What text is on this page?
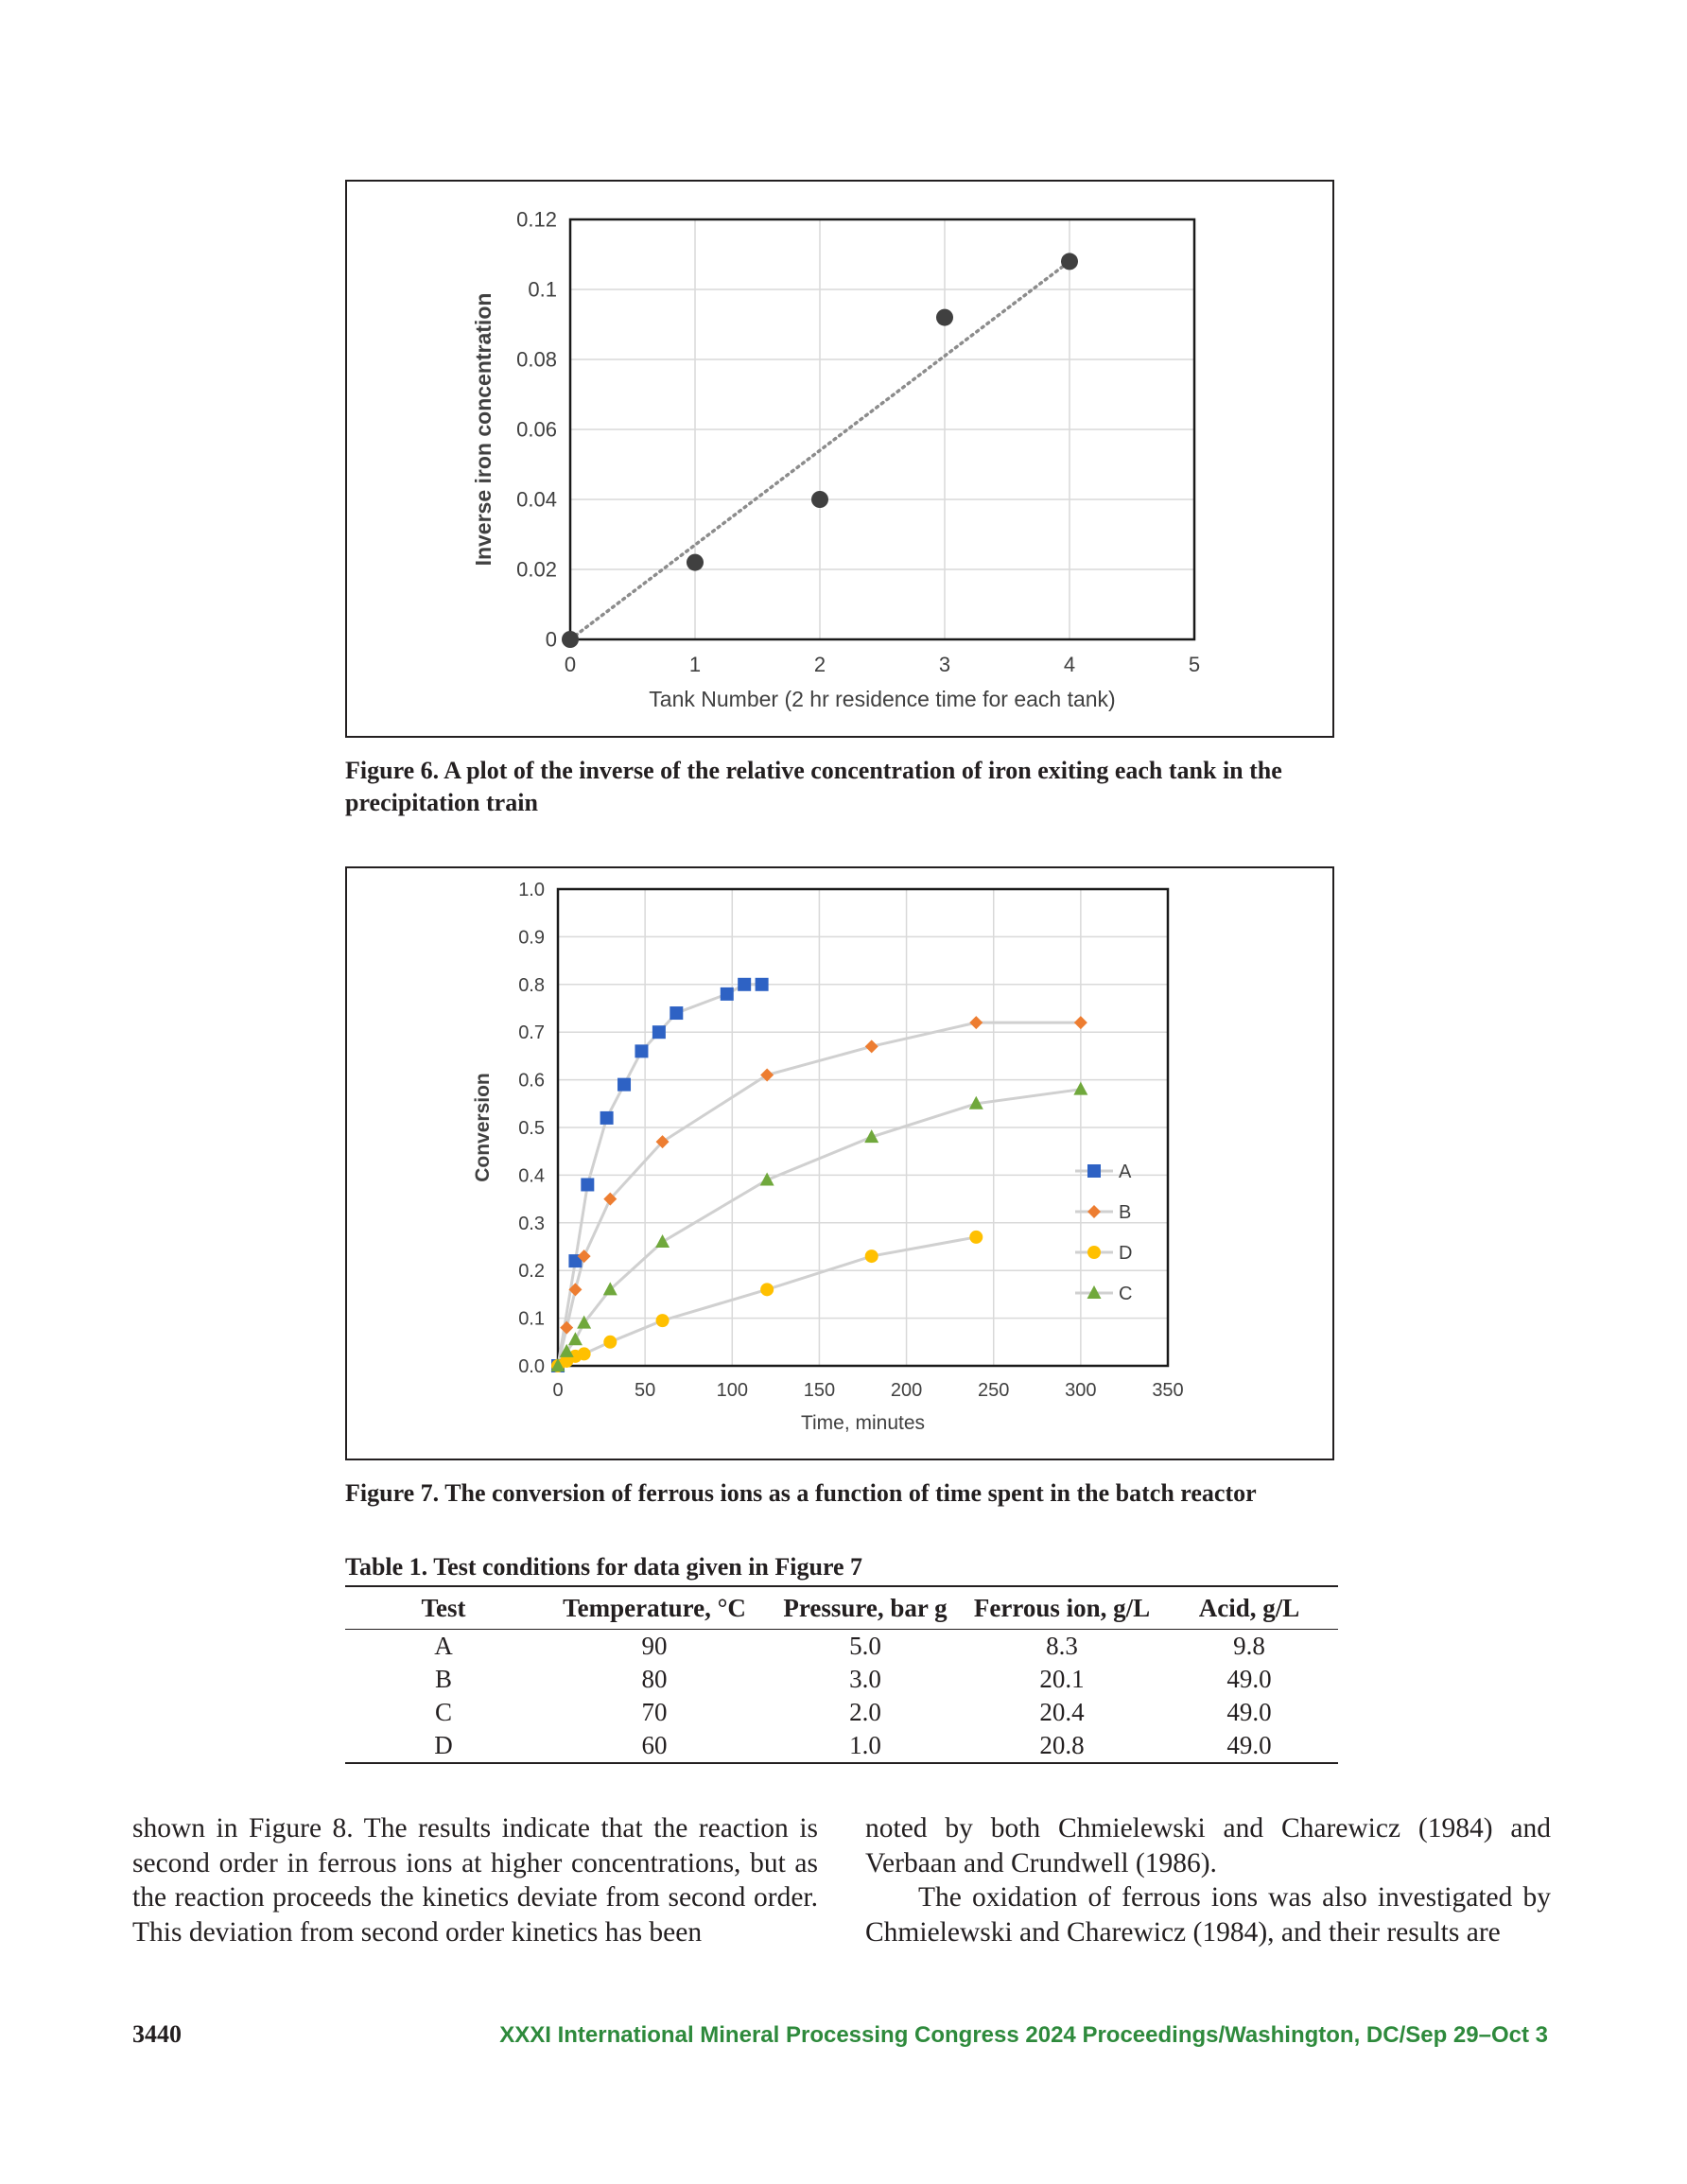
0	1	2	3	4	5
0
0.02
0.04
0.06
0.08
0.1
0.12
Tank Number (2 hr residence time for each tank)
Inverse iron concentration

Figure 6. A plot of the inverse of the relative concentration of iron exiting each tank in the precipitation train

0	50	100	150	200	250	300	350
0.0
0.1
0.2
0.3
0.4
0.5
0.6
0.7
0.8
0.9
1.0
Time, minutes
Conversion	A
B
D
C

Figure 7. The conversion of ferrous ions as a function of time spent in the batch reactor

Table 1. Test conditions for data given in Figure 7

Test	Temperature, °C	Pressure, bar g	Ferrous ion, g/L	Acid, g/L
A	90	5.0	8.3	9.8
B	80	3.0	20.1	49.0
C	70	2.0	20.4	49.0
D	60	1.0	20.8	49.0

shown in Figure 8. The results indicate that the reaction is second order in ferrous ions at higher concentrations, but as the reaction proceeds the kinetics deviate from second order. This deviation from second order kinetics has been

noted by both Chmielewski and Charewicz (1984) and Verbaan and Crundwell (1986).

The oxidation of ferrous ions was also investigated by Chmielewski and Charewicz (1984), and their results are

3440	XXXI International Mineral Processing Congress 2024 Proceedings/Washington, DC/Sep 29–Oct 3
